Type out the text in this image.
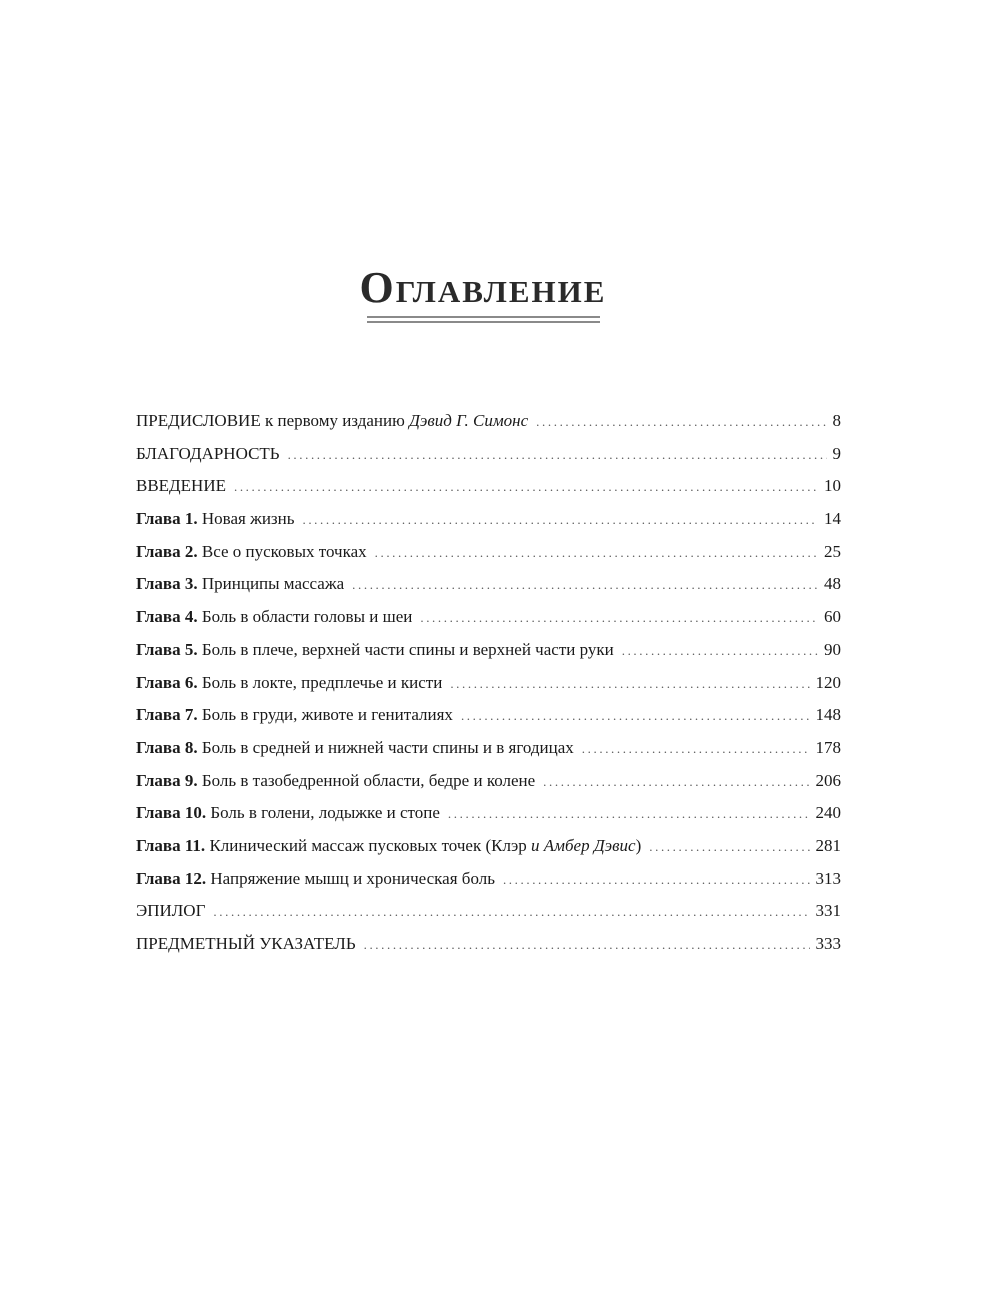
Оглавление
ПРЕДИСЛОВИЕ к первому изданию Дэвид Г. Симонс .....	8
БЛАГОДАРНОСТЬ .....	9
ВВЕДЕНИЕ .....	10
Глава 1. Новая жизнь .....	14
Глава 2. Все о пусковых точках .....	25
Глава 3. Принципы массажа .....	48
Глава 4. Боль в области головы и шеи .....	60
Глава 5. Боль в плече, верхней части спины и верхней части руки .....	90
Глава 6. Боль в локте, предплечье и кисти .....	120
Глава 7. Боль в груди, животе и гениталиях .....	148
Глава 8. Боль в средней и нижней части спины и в ягодицах .....	178
Глава 9. Боль в тазобедренной области, бедре и колене .....	206
Глава 10. Боль в голени, лодыжке и стопе .....	240
Глава 11. Клинический массаж пусковых точек (Клэр и Амбер Дэвис) .....	281
Глава 12. Напряжение мышц и хроническая боль .....	313
ЭПИЛОГ .....	331
ПРЕДМЕТНЫЙ УКАЗАТЕЛЬ .....	333
